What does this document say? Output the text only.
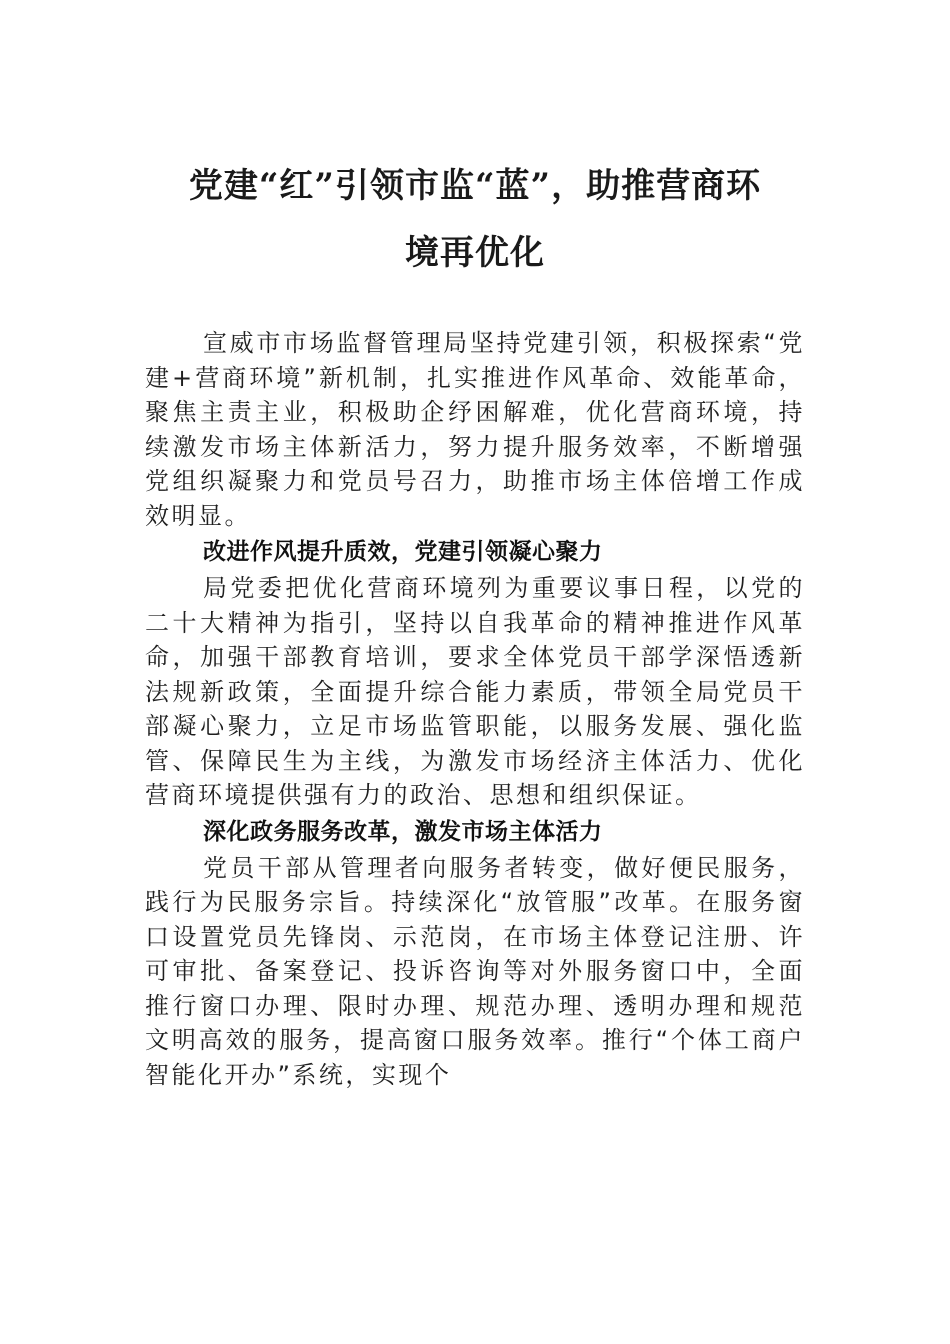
党建“红”引领市监“蓝”，助推营商环
境再优化

宣威市市场监督管理局坚持党建引领，积极探索“党建+营商环境”新机制，扎实推进作风革命、效能革命，聚焦主责主业，积极助企纾困解难，优化营商环境，持续激发市场主体新活力，努力提升服务效率，不断增强党组织凝聚力和党员号召力，助推市场主体倍增工作成效明显。

改进作风提升质效，党建引领凝心聚力

局党委把优化营商环境列为重要议事日程，以党的二十大精神为指引，坚持以自我革命的精神推进作风革命，加强干部教育培训，要求全体党员干部学深悟透新法规新政策，全面提升综合能力素质，带领全局党员干部凝心聚力，立足市场监管职能，以服务发展、强化监管、保障民生为主线，为激发市场经济主体活力、优化营商环境提供强有力的政治、思想和组织保证。

深化政务服务改革，激发市场主体活力

党员干部从管理者向服务者转变，做好便民服务，践行为民服务宗旨。持续深化“放管服”改革。在服务窗口设置党员先锋岗、示范岗，在市场主体登记注册、许可审批、备案登记、投诉咨询等对外服务窗口中，全面推行窗口办理、限时办理、规范办理、透明办理和规范文明高效的服务，提高窗口服务效率。推行“个体工商户智能化开办”系统，实现个
